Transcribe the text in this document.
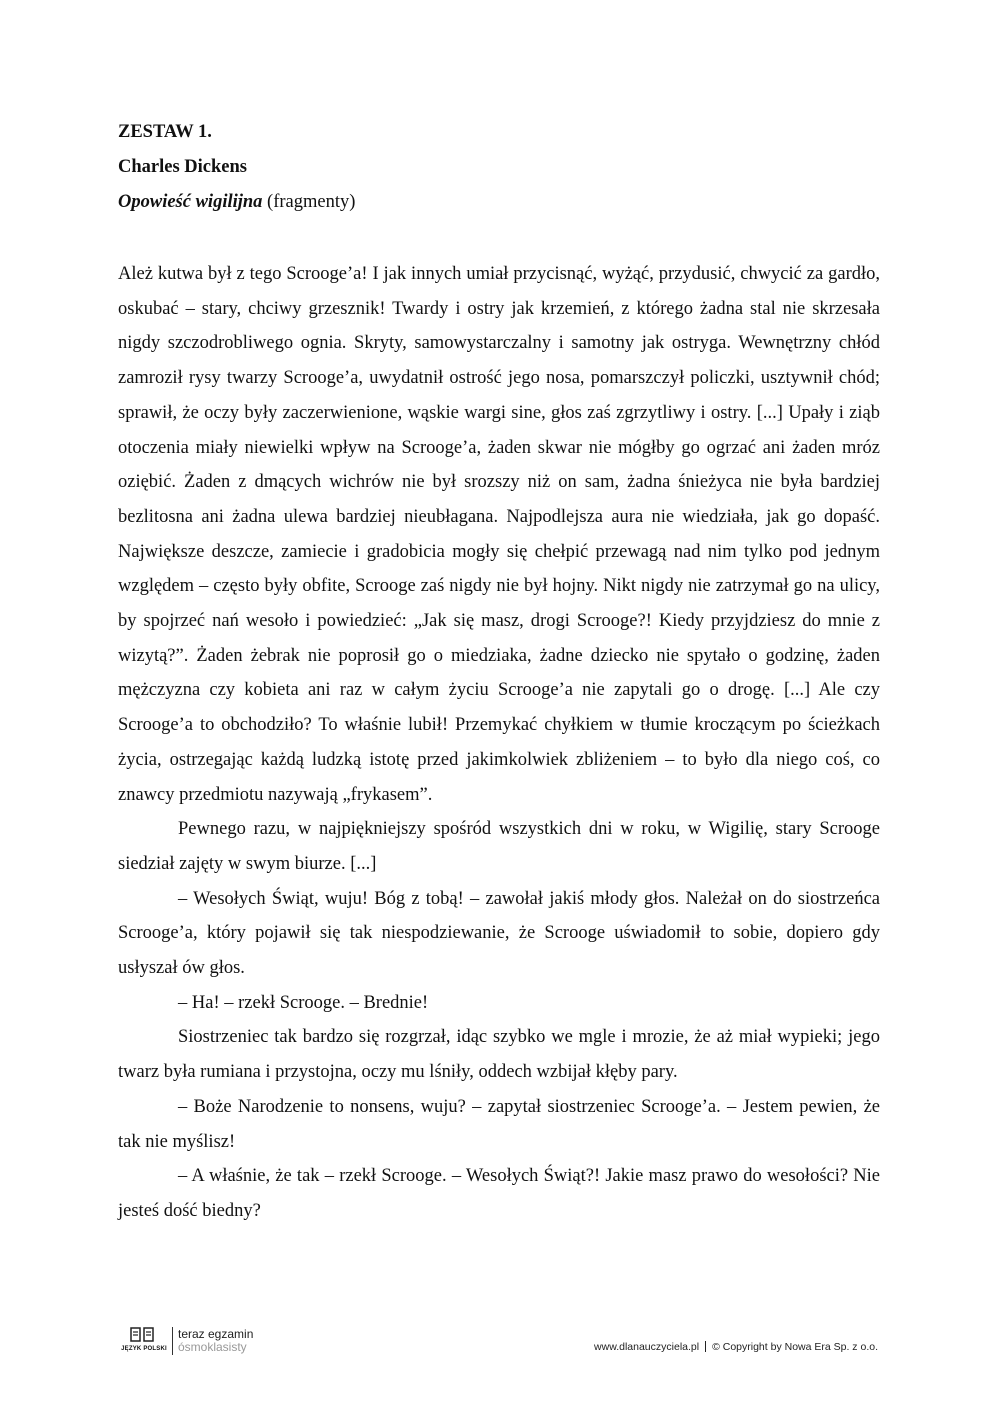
ZESTAW 1.
Charles Dickens
Opowieść wigilijna (fragmenty)

Ależ kutwa był z tego Scrooge’a! I jak innych umiał przycisnąć, wyżąć, przydusić, chwycić za gardło, oskubać – stary, chciwy grzesznik! Twardy i ostry jak krzemień, z którego żadna stal nie skrzesała nigdy szczodrobliwego ognia. Skryty, samowystarczalny i samotny jak ostryga. Wewnętrzny chłód zamroził rysy twarzy Scrooge’a, uwydatnił ostrość jego nosa, pomarszczył policzki, usztywnił chód; sprawił, że oczy były zaczerwienione, wąskie wargi sine, głos zaś zgrzytliwy i ostry. [...] Upały i ziąb otoczenia miały niewielki wpływ na Scrooge’a, żaden skwar nie mógłby go ogrzać ani żaden mróz oziębić. Żaden z dmących wichrów nie był srozszy niż on sam, żadna śnieżyca nie była bardziej bezlitosna ani żadna ulewa bardziej nieubłagana. Najpodlejsza aura nie wiedziała, jak go dopaść. Największe deszcze, zamiecie i gradobicia mogły się chełpić przewagą nad nim tylko pod jednym względem – często były obfite, Scrooge zaś nigdy nie był hojny. Nikt nigdy nie zatrzymał go na ulicy, by spojrzeć nań wesoło i powiedzieć: „Jak się masz, drogi Scrooge?! Kiedy przyjdziesz do mnie z wizytą?”. Żaden żebrak nie poprosił go o miedziaka, żadne dziecko nie spytało o godzinę, żaden mężczyzna czy kobieta ani raz w całym życiu Scrooge’a nie zapytali go o drogę. [...] Ale czy Scrooge’a to obchodziło? To właśnie lubił! Przemykać chyłkiem w tłumie kroczącym po ścieżkach życia, ostrzegając każdą ludzką istotę przed jakimkolwiek zbliżeniem – to było dla niego coś, co znawcy przedmiotu nazywają „frykasem”.

Pewnego razu, w najpiękniejszy spośród wszystkich dni w roku, w Wigilię, stary Scrooge siedział zajęty w swym biurze. [...]

– Wesołych Świąt, wuju! Bóg z tobą! – zawołał jakiś młody głos. Należał on do siostrzeńca Scrooge’a, który pojawił się tak niespodziewanie, że Scrooge uświadomił to sobie, dopiero gdy usłyszał ów głos.

– Ha! – rzekł Scrooge. – Brednie!

Siostrzeniec tak bardzo się rozgrzał, idąc szybko we mgle i mrozie, że aż miał wypieki; jego twarz była rumiana i przystojna, oczy mu lśniły, oddech wzbijał kłęby pary.

– Boże Narodzenie to nonsens, wuju? – zapytał siostrzeniec Scrooge’a. – Jestem pewien, że tak nie myślisz!

– A właśnie, że tak – rzekł Scrooge. – Wesołych Świąt?! Jakie masz prawo do wesołości? Nie jesteś dość biedny?

JĘZYK POLSKI
teraz egzamin
ósmoklasisty	www.dlanauczyciela.pl © Copyright by Nowa Era Sp. z o.o.
